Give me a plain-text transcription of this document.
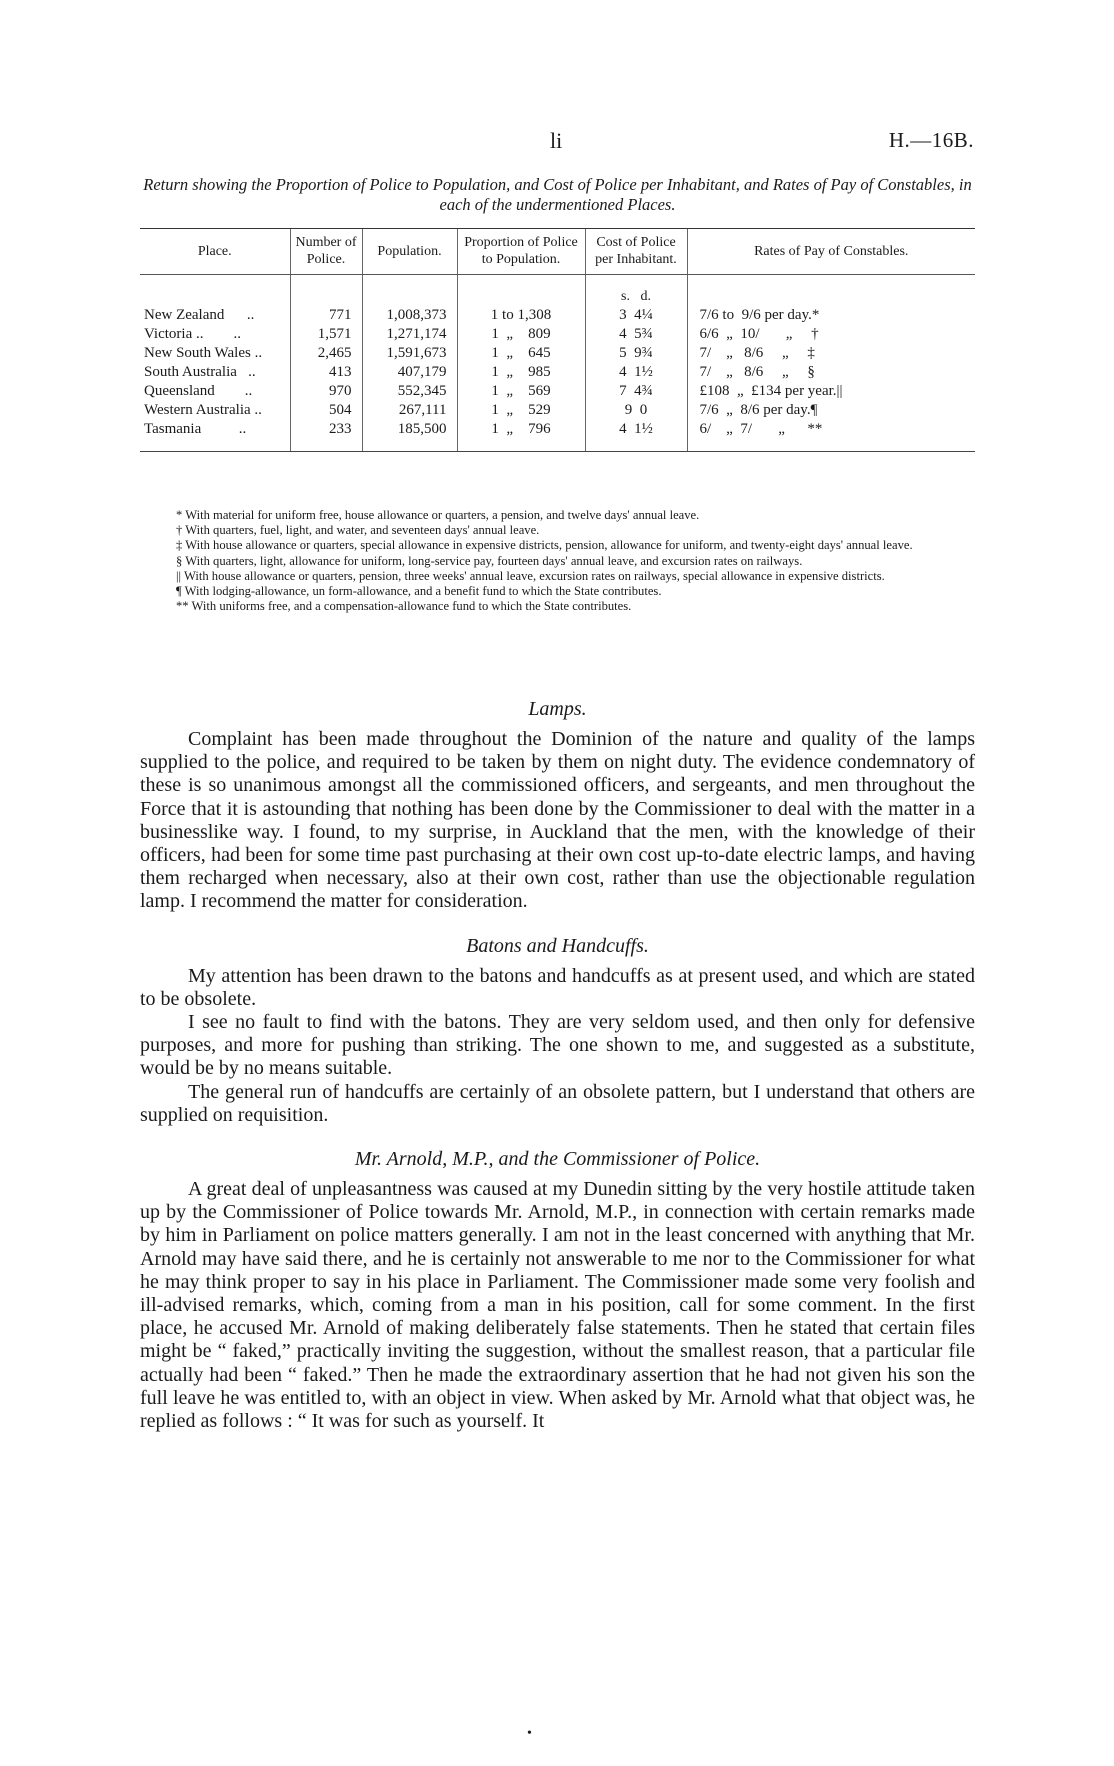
li	H.—16B.
Return showing the Proportion of Police to Population, and Cost of Police per Inhabitant, and Rates of Pay of Constables, in each of the undermentioned Places.
Place.	Number of Police.	Population.	Proportion of Police to Population.	Cost of Police per Inhabitant.	Rates of Pay of Constables.
				s.   d.	
New Zealand      ..	771	1,008,373	1 to 1,308	3  4¼	7/6 to  9/6 per day.*
Victoria ..        ..	1,571	1,271,174	1  „    809	4  5¾	6/6  „  10/       „     †
New South Wales ..	2,465	1,591,673	1  „    645	5  9¾	7/    „   8/6     „     ‡
South Australia   ..	413	407,179	1  „    985	4  1½	7/    „   8/6     „     §
Queensland        ..	970	552,345	1  „    569	7  4¾	£108  „  £134 per year.||
Western Australia ..	504	267,111	1  „    529	9  0	7/6  „  8/6 per day.¶
Tasmania          ..	233	185,500	1  „    796	4  1½	6/    „  7/       „      **

* With material for uniform free, house allowance or quarters, a pension, and twelve days' annual leave.

† With quarters, fuel, light, and water, and seventeen days' annual leave.

‡ With house allowance or quarters, special allowance in expensive districts, pension, allowance for uniform, and twenty-eight days' annual leave.

§ With quarters, light, allowance for uniform, long-service pay, fourteen days' annual leave, and excursion rates on railways.

|| With house allowance or quarters, pension, three weeks' annual leave, excursion rates on railways, special allowance in expensive districts.

¶ With lodging-allowance, un form-allowance, and a benefit fund to which the State contributes.

** With uniforms free, and a compensation-allowance fund to which the State contributes.

Lamps.

Complaint has been made throughout the Dominion of the nature and quality of the lamps supplied to the police, and required to be taken by them on night duty. The evidence condemnatory of these is so unanimous amongst all the commissioned officers, and sergeants, and men throughout the Force that it is astounding that nothing has been done by the Commissioner to deal with the matter in a businesslike way. I found, to my surprise, in Auckland that the men, with the knowledge of their officers, had been for some time past purchasing at their own cost up-to-date electric lamps, and having them recharged when necessary, also at their own cost, rather than use the objectionable regulation lamp. I recommend the matter for consideration.

Batons and Handcuffs.

My attention has been drawn to the batons and handcuffs as at present used, and which are stated to be obsolete.

I see no fault to find with the batons. They are very seldom used, and then only for defensive purposes, and more for pushing than striking. The one shown to me, and suggested as a substitute, would be by no means suitable.

The general run of handcuffs are certainly of an obsolete pattern, but I understand that others are supplied on requisition.

Mr. Arnold, M.P., and the Commissioner of Police.

A great deal of unpleasantness was caused at my Dunedin sitting by the very hostile attitude taken up by the Commissioner of Police towards Mr. Arnold, M.P., in connection with certain remarks made by him in Parliament on police matters generally. I am not in the least concerned with anything that Mr. Arnold may have said there, and he is certainly not answerable to me nor to the Commissioner for what he may think proper to say in his place in Parliament. The Commissioner made some very foolish and ill-advised remarks, which, coming from a man in his position, call for some comment. In the first place, he accused Mr. Arnold of making deliberately false statements. Then he stated that certain files might be “ faked,” practically inviting the suggestion, without the smallest reason, that a particular file actually had been “ faked.” Then he made the extraordinary assertion that he had not given his son the full leave he was entitled to, with an object in view. When asked by Mr. Arnold what that object was, he replied as follows : “ It was for such as yourself. It

•
